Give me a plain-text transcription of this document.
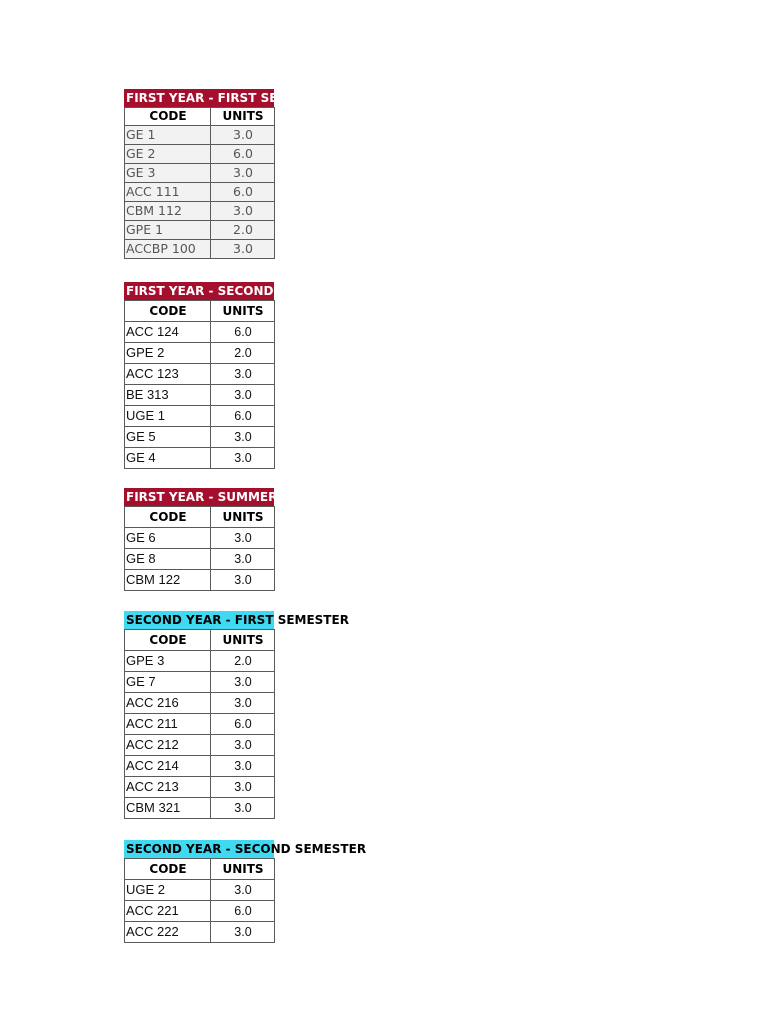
FIRST YEAR - FIRST SEMESTER
CODE	UNITS
GE 1	3.0
GE 2	6.0
GE 3	3.0
ACC 111	6.0
CBM 112	3.0
GPE 1	2.0
ACCBP 100	3.0
FIRST YEAR - SECOND SEMESTER
CODE	UNITS
ACC 124	6.0
GPE 2	2.0
ACC 123	3.0
BE 313	3.0
UGE 1	6.0
GE 5	3.0
GE 4	3.0
FIRST YEAR - SUMMER
CODE	UNITS
GE 6	3.0
GE 8	3.0
CBM 122	3.0
SECOND YEAR - FIRST SEMESTER
CODE	UNITS
GPE 3	2.0
GE 7	3.0
ACC 216	3.0
ACC 211	6.0
ACC 212	3.0
ACC 214	3.0
ACC 213	3.0
CBM 321	3.0
SECOND YEAR - SECOND SEMESTER
CODE	UNITS
UGE 2	3.0
ACC 221	6.0
ACC 222	3.0
